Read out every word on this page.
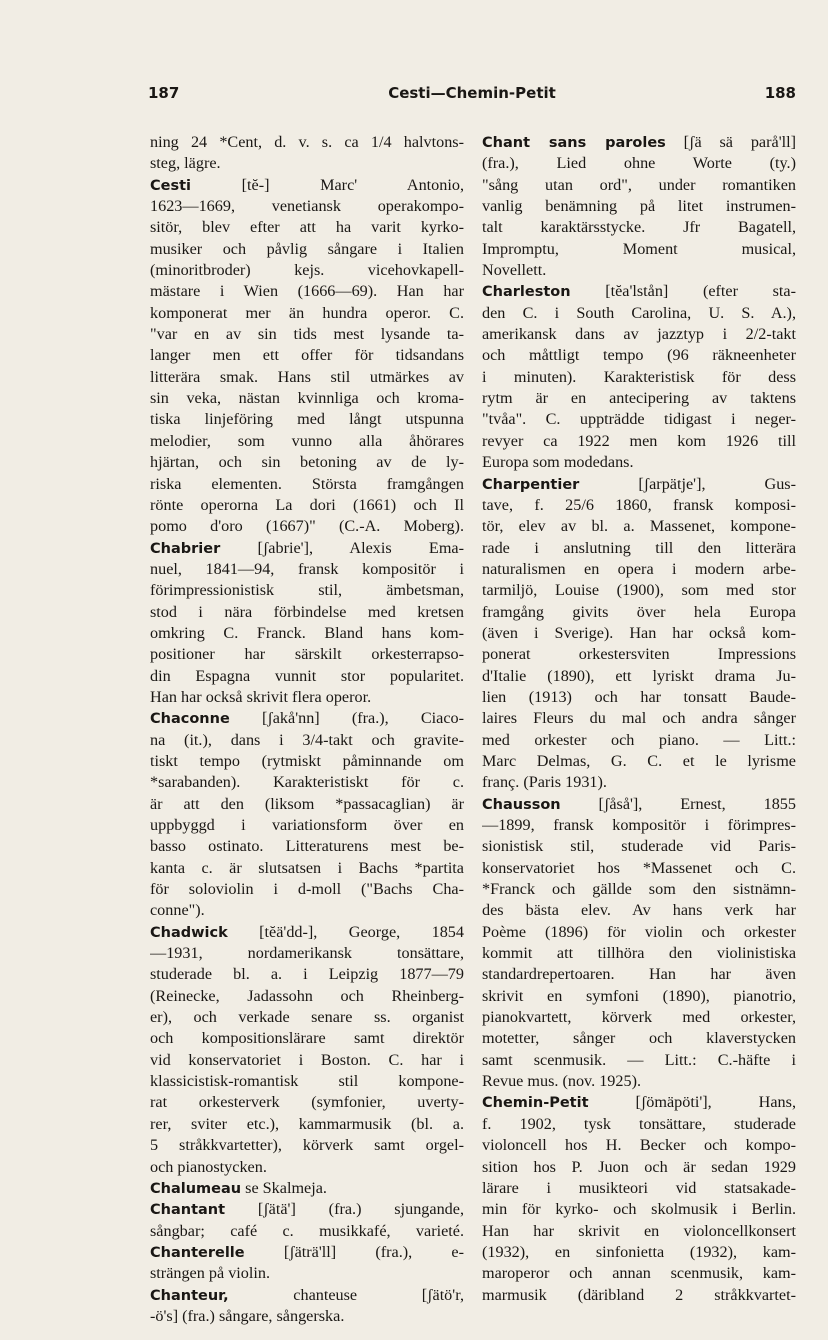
187	Cesti—Chemin-Petit	188
ning 24 *Cent, d. v. s. ca 1/4 halvtons-
steg, lägre.
Cesti [tĕ-] Marc' Antonio,
1623—1669, venetiansk operakompo-
sitör, blev efter att ha varit kyrko-
musiker och påvlig sångare i Italien
(minoritbroder) kejs. vicehovkapell-
mästare i Wien (1666—69). Han har
komponerat mer än hundra operor. C.
"var en av sin tids mest lysande ta-
langer men ett offer för tidsandans
litterära smak. Hans stil utmärkes av
sin veka, nästan kvinnliga och kroma-
tiska linjeföring med långt utspunna
melodier, som vunno alla åhörares
hjärtan, och sin betoning av de ly-
riska elementen. Största framgången
rönte operorna La dori (1661) och Il
pomo d'oro (1667)" (C.-A. Moberg).
Chabrier [ʃabrie'], Alexis Ema-
nuel, 1841—94, fransk kompositör i
förimpressionistisk stil, ämbetsman,
stod i nära förbindelse med kretsen
omkring C. Franck. Bland hans kom-
positioner har särskilt orkesterrapso-
din Espagna vunnit stor popularitet.
Han har också skrivit flera operor.
Chaconne [ʃakå'nn] (fra.), Ciaco-
na (it.), dans i 3/4-takt och gravite-
tiskt tempo (rytmiskt påminnande om
*sarabanden). Karakteristiskt för c.
är att den (liksom *passacaglian) är
uppbyggd i variationsform över en
basso ostinato. Litteraturens mest be-
kanta c. är slutsatsen i Bachs *partita
för soloviolin i d-moll ("Bachs Cha-
conne").
Chadwick [tĕä'dd-], George, 1854
—1931, nordamerikansk tonsättare,
studerade bl. a. i Leipzig 1877—79
(Reinecke, Jadassohn och Rheinberg-
er), och verkade senare ss. organist
och kompositionslärare samt direktör
vid konservatoriet i Boston. C. har i
klassicistisk-romantisk stil kompone-
rat orkesterverk (symfonier, uverty-
rer, sviter etc.), kammarmusik (bl. a.
5 stråkkvartetter), körverk samt orgel-
och pianostycken.
Chalumeau se Skalmeja.
Chantant [ʃätä'] (fra.) sjungande,
sångbar; café c. musikkafé, varieté.
Chanterelle [ʃäträ'll] (fra.), e-
strängen på violin.
Chanteur, chanteuse [ʃätö'r,
-ö's] (fra.) sångare, sångerska.
Chant sans paroles [ʃä sä parå'll]
(fra.), Lied ohne Worte (ty.)
"sång utan ord", under romantiken
vanlig benämning på litet instrumen-
talt karaktärsstycke. Jfr Bagatell,
Impromptu, Moment musical,
Novellett.
Charleston [tĕa'lstån] (efter sta-
den C. i South Carolina, U. S. A.),
amerikansk dans av jazztyp i 2/2-takt
och måttligt tempo (96 räkneenheter
i minuten). Karakteristisk för dess
rytm är en antecipering av taktens
"tvåa". C. uppträdde tidigast i neger-
revyer ca 1922 men kom 1926 till
Europa som modedans.
Charpentier [ʃarpätje'], Gus-
tave, f. 25/6 1860, fransk komposi-
tör, elev av bl. a. Massenet, kompone-
rade i anslutning till den litterära
naturalismen en opera i modern arbe-
tarmiljö, Louise (1900), som med stor
framgång givits över hela Europa
(även i Sverige). Han har också kom-
ponerat orkestersviten Impressions
d'Italie (1890), ett lyriskt drama Ju-
lien (1913) och har tonsatt Baude-
laires Fleurs du mal och andra sånger
med orkester och piano. — Litt.:
Marc Delmas, G. C. et le lyrisme
franç. (Paris 1931).
Chausson [ʃåså'], Ernest, 1855
—1899, fransk kompositör i förimpres-
sionistisk stil, studerade vid Paris-
konservatoriet hos *Massenet och C.
*Franck och gällde som den sistnämn-
des bästa elev. Av hans verk har
Poème (1896) för violin och orkester
kommit att tillhöra den violinistiska
standardrepertoaren. Han har även
skrivit en symfoni (1890), pianotrio,
pianokvartett, körverk med orkester,
motetter, sånger och klaverstycken
samt scenmusik. — Litt.: C.-häfte i
Revue mus. (nov. 1925).
Chemin-Petit [ʃömäpöti'], Hans,
f. 1902, tysk tonsättare, studerade
violoncell hos H. Becker och kompo-
sition hos P. Juon och är sedan 1929
lärare i musikteori vid statsakade-
min för kyrko- och skolmusik i Berlin.
Han har skrivit en violoncellkonsert
(1932), en sinfonietta (1932), kam-
maroperor och annan scenmusik, kam-
marmusik (däribland 2 stråkkvartet-
